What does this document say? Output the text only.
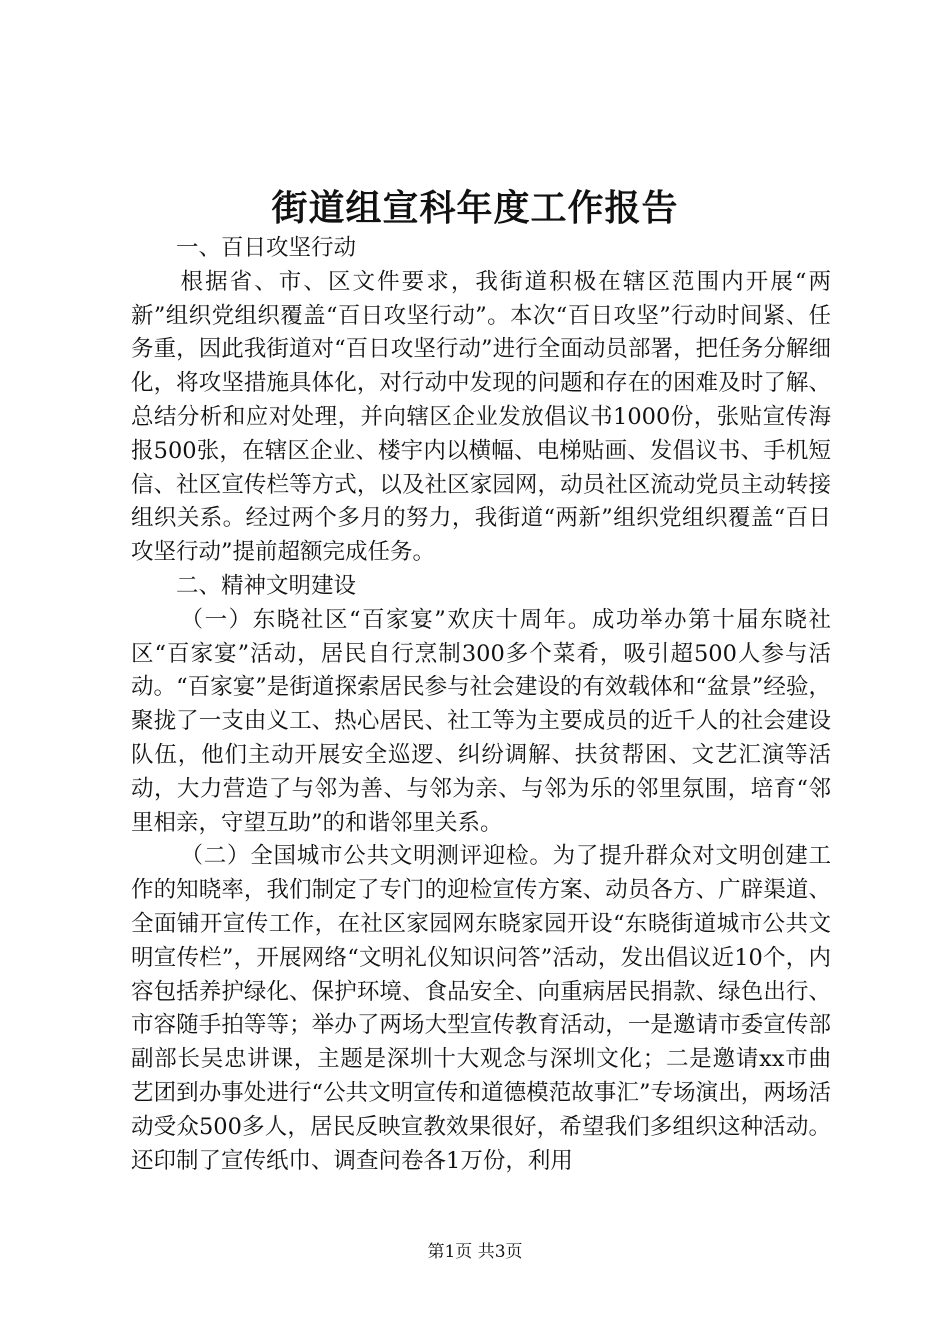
街道组宣科年度工作报告

一、百日攻坚行动

根据省、市、区文件要求，我街道积极在辖区范围内开展“两新”组织党组织覆盖“百日攻坚行动”。本次“百日攻坚”行动时间紧、任务重，因此我街道对“百日攻坚行动”进行全面动员部署，把任务分解细化，将攻坚措施具体化，对行动中发现的问题和存在的困难及时了解、总结分析和应对处理，并向辖区企业发放倡议书1000份，张贴宣传海报500张，在辖区企业、楼宇内以横幅、电梯贴画、发倡议书、手机短信、社区宣传栏等方式，以及社区家园网，动员社区流动党员主动转接组织关系。经过两个多月的努力，我街道“两新”组织党组织覆盖“百日攻坚行动”提前超额完成任务。

二、精神文明建设

（一）东晓社区“百家宴”欢庆十周年。成功举办第十届东晓社区“百家宴”活动，居民自行烹制300多个菜肴，吸引超500人参与活动。“百家宴”是街道探索居民参与社会建设的有效载体和“盆景”经验，聚拢了一支由义工、热心居民、社工等为主要成员的近千人的社会建设队伍，他们主动开展安全巡逻、纠纷调解、扶贫帮困、文艺汇演等活动，大力营造了与邻为善、与邻为亲、与邻为乐的邻里氛围，培育“邻里相亲，守望互助”的和谐邻里关系。

（二）全国城市公共文明测评迎检。为了提升群众对文明创建工作的知晓率，我们制定了专门的迎检宣传方案、动员各方、广辟渠道、全面铺开宣传工作，在社区家园网东晓家园开设“东晓街道城市公共文明宣传栏”，开展网络“文明礼仪知识问答”活动，发出倡议近10个，内容包括养护绿化、保护环境、食品安全、向重病居民捐款、绿色出行、市容随手拍等等；举办了两场大型宣传教育活动，一是邀请市委宣传部副部长吴忠讲课，主题是深圳十大观念与深圳文化；二是邀请xx市曲艺团到办事处进行“公共文明宣传和道德模范故事汇”专场演出，两场活动受众500多人，居民反映宣教效果很好，希望我们多组织这种活动。还印制了宣传纸巾、调查问卷各1万份，利用

第1页 共3页
